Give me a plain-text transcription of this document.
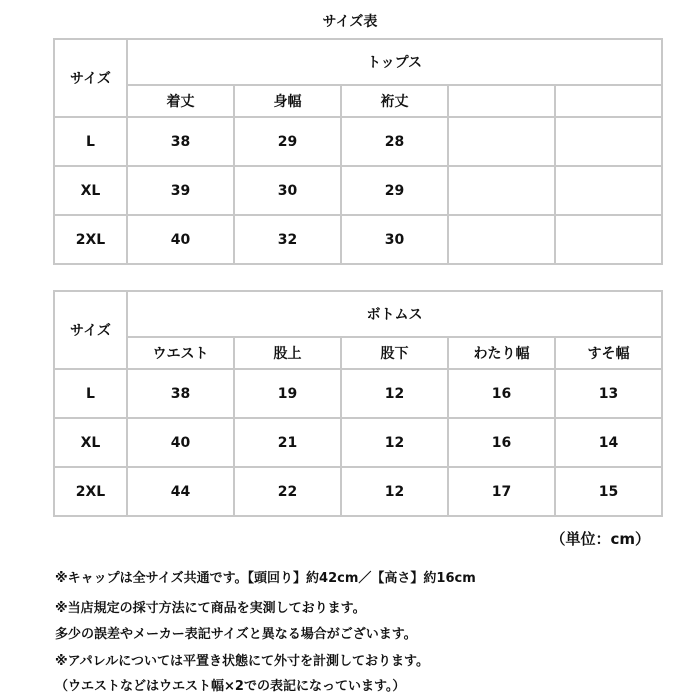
サイズ表
サイズ	トップス				
	着丈	身幅	裄丈		
L	38	29	28		
XL	39	30	29		
2XL	40	32	30		
サイズ	ボトムス				
	ウエスト	股上	股下	わたり幅	すそ幅
L	38	19	12	16	13
XL	40	21	12	16	14
2XL	44	22	12	17	15
（単位：cm）
※キャップは全サイズ共通です。【頭回り】約42cm／【高さ】約16cm
※当店規定の採寸方法にて商品を実測しております。
多少の誤差やメーカー表記サイズと異なる場合がございます。
※アパレルについては平置き状態にて外寸を計測しております。
（ウエストなどはウエスト幅×2での表記になっています。）
